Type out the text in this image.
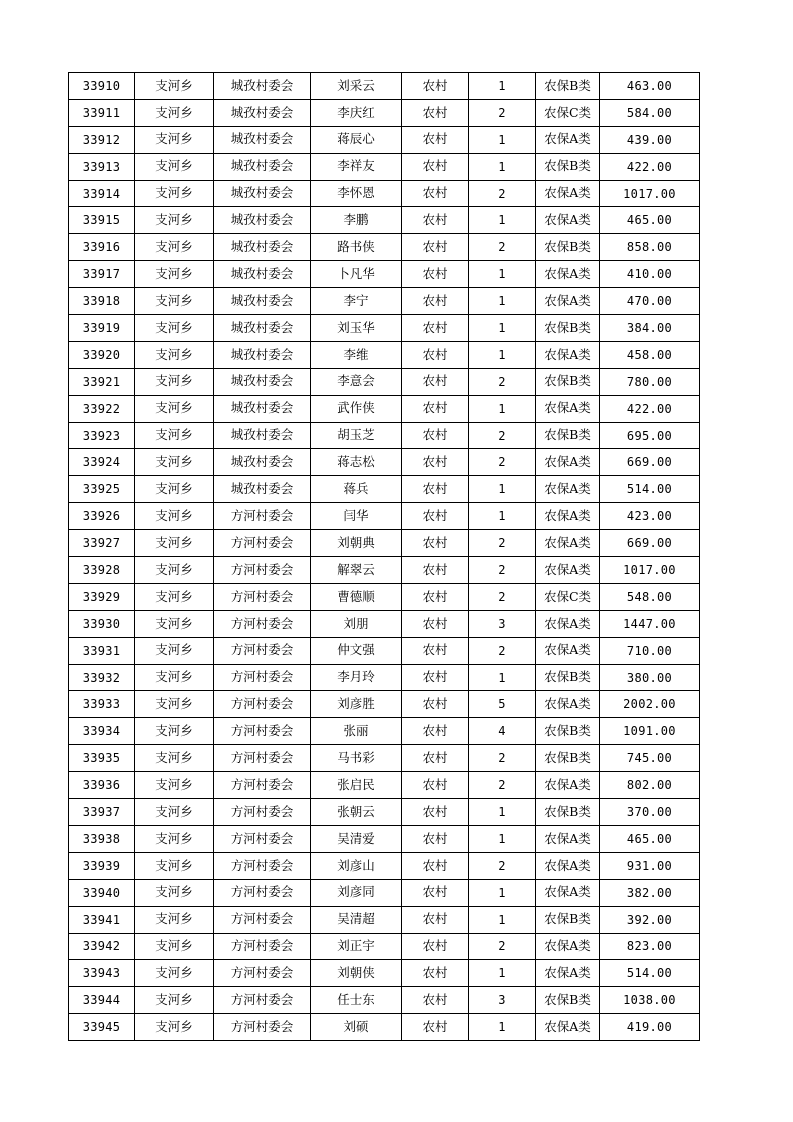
33910	支河乡	城孜村委会	刘采云	农村	1	农保B类	463.00
33911	支河乡	城孜村委会	李庆红	农村	2	农保C类	584.00
33912	支河乡	城孜村委会	蒋辰心	农村	1	农保A类	439.00
33913	支河乡	城孜村委会	李祥友	农村	1	农保B类	422.00
33914	支河乡	城孜村委会	李怀恩	农村	2	农保A类	1017.00
33915	支河乡	城孜村委会	李鹏	农村	1	农保A类	465.00
33916	支河乡	城孜村委会	路书侠	农村	2	农保B类	858.00
33917	支河乡	城孜村委会	卜凡华	农村	1	农保A类	410.00
33918	支河乡	城孜村委会	李宁	农村	1	农保A类	470.00
33919	支河乡	城孜村委会	刘玉华	农村	1	农保B类	384.00
33920	支河乡	城孜村委会	李维	农村	1	农保A类	458.00
33921	支河乡	城孜村委会	李意会	农村	2	农保B类	780.00
33922	支河乡	城孜村委会	武作侠	农村	1	农保A类	422.00
33923	支河乡	城孜村委会	胡玉芝	农村	2	农保B类	695.00
33924	支河乡	城孜村委会	蒋志松	农村	2	农保A类	669.00
33925	支河乡	城孜村委会	蒋兵	农村	1	农保A类	514.00
33926	支河乡	方河村委会	闫华	农村	1	农保A类	423.00
33927	支河乡	方河村委会	刘朝典	农村	2	农保A类	669.00
33928	支河乡	方河村委会	解翠云	农村	2	农保A类	1017.00
33929	支河乡	方河村委会	曹德顺	农村	2	农保C类	548.00
33930	支河乡	方河村委会	刘朋	农村	3	农保A类	1447.00
33931	支河乡	方河村委会	仲文强	农村	2	农保A类	710.00
33932	支河乡	方河村委会	李月玲	农村	1	农保B类	380.00
33933	支河乡	方河村委会	刘彦胜	农村	5	农保A类	2002.00
33934	支河乡	方河村委会	张丽	农村	4	农保B类	1091.00
33935	支河乡	方河村委会	马书彩	农村	2	农保B类	745.00
33936	支河乡	方河村委会	张启民	农村	2	农保A类	802.00
33937	支河乡	方河村委会	张朝云	农村	1	农保B类	370.00
33938	支河乡	方河村委会	吴清爱	农村	1	农保A类	465.00
33939	支河乡	方河村委会	刘彦山	农村	2	农保A类	931.00
33940	支河乡	方河村委会	刘彦同	农村	1	农保A类	382.00
33941	支河乡	方河村委会	吴清超	农村	1	农保B类	392.00
33942	支河乡	方河村委会	刘正宇	农村	2	农保A类	823.00
33943	支河乡	方河村委会	刘朝侠	农村	1	农保A类	514.00
33944	支河乡	方河村委会	任士东	农村	3	农保B类	1038.00
33945	支河乡	方河村委会	刘硕	农村	1	农保A类	419.00
